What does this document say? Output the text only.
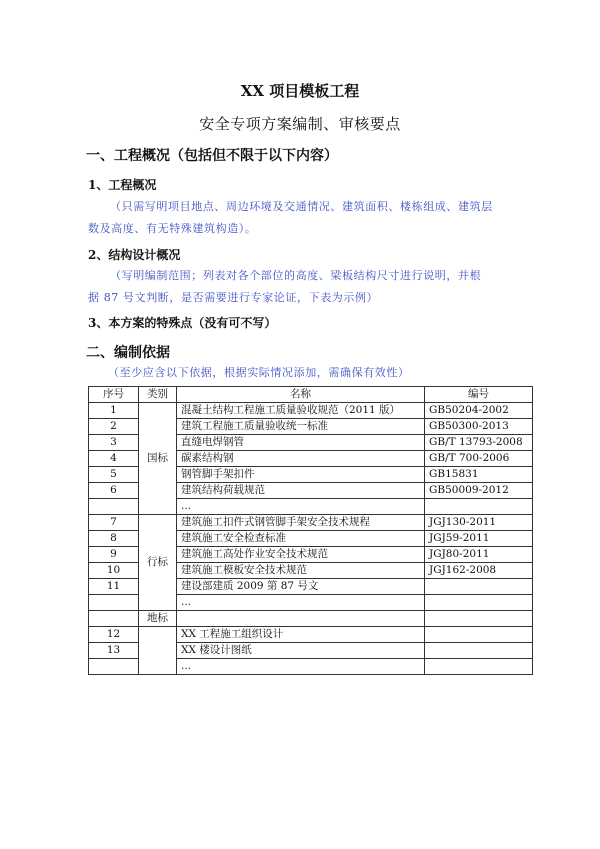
XX 项目模板工程
安全专项方案编制、审核要点
一、工程概况（包括但不限于以下内容）
1、工程概况
（只需写明项目地点、周边环境及交通情况、建筑面积、楼栋组成、建筑层
数及高度、有无特殊建筑构造）。
2、结构设计概况
（写明编制范围；列表对各个部位的高度、梁板结构尺寸进行说明，并根
据 87 号文判断，是否需要进行专家论证，下表为示例）
3、本方案的特殊点（没有可不写）
二、编制依据
（至少应含以下依据，根据实际情况添加，需确保有效性）
序号	类别	名称	编号
1	国标	混凝土结构工程施工质量验收规范（2011 版）	GB50204-2002
2		建筑工程施工质量验收统一标准	GB50300-2013
3		直缝电焊钢管	GB/T 13793-2008
4		碳素结构钢	GB/T 700-2006
5		钢管脚手架扣件	GB15831
6		建筑结构荷载规范	GB50009-2012
		...	
7	行标	建筑施工扣件式钢管脚手架安全技术规程	JGJ130-2011
8		建筑施工安全检查标准	JGJ59-2011
9		建筑施工高处作业安全技术规范	JGJ80-2011
10		建筑施工模板安全技术规范	JGJ162-2008
11		建设部建质 2009 第 87 号文	
		...	
	地标		
12		XX 工程施工组织设计	
13		XX 楼设计图纸	
		...	
